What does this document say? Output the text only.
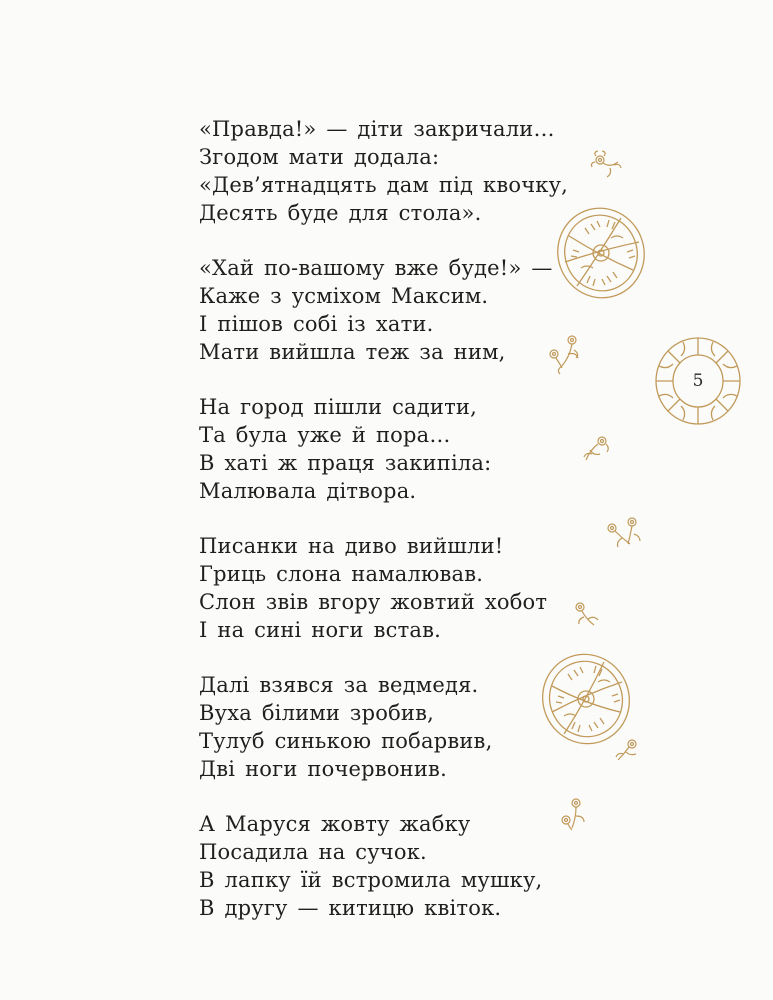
«Правда!» — діти закричали…
Згодом мати додала:
«Дев’ятнадцять дам під квочку,
Десять буде для стола».
«Хай по-вашому вже буде!» —
Каже з усміхом Максим.
І пішов собі із хати.
Мати вийшла теж за ним,
На город пішли садити,
Та була уже й пора…
В хаті ж праця закипіла:
Малювала дітвора.
Писанки на диво вийшли!
Гриць слона намалював.
Слон звів вгору жовтий хобот
І на сині ноги встав.
Далі взявся за ведмедя.
Вуха білими зробив,
Тулуб синькою побарвив,
Дві ноги почервонив.
А Маруся жовту жабку
Посадила на сучок.
В лапку їй встромила мушку,
В другу — китицю квіток.
5
